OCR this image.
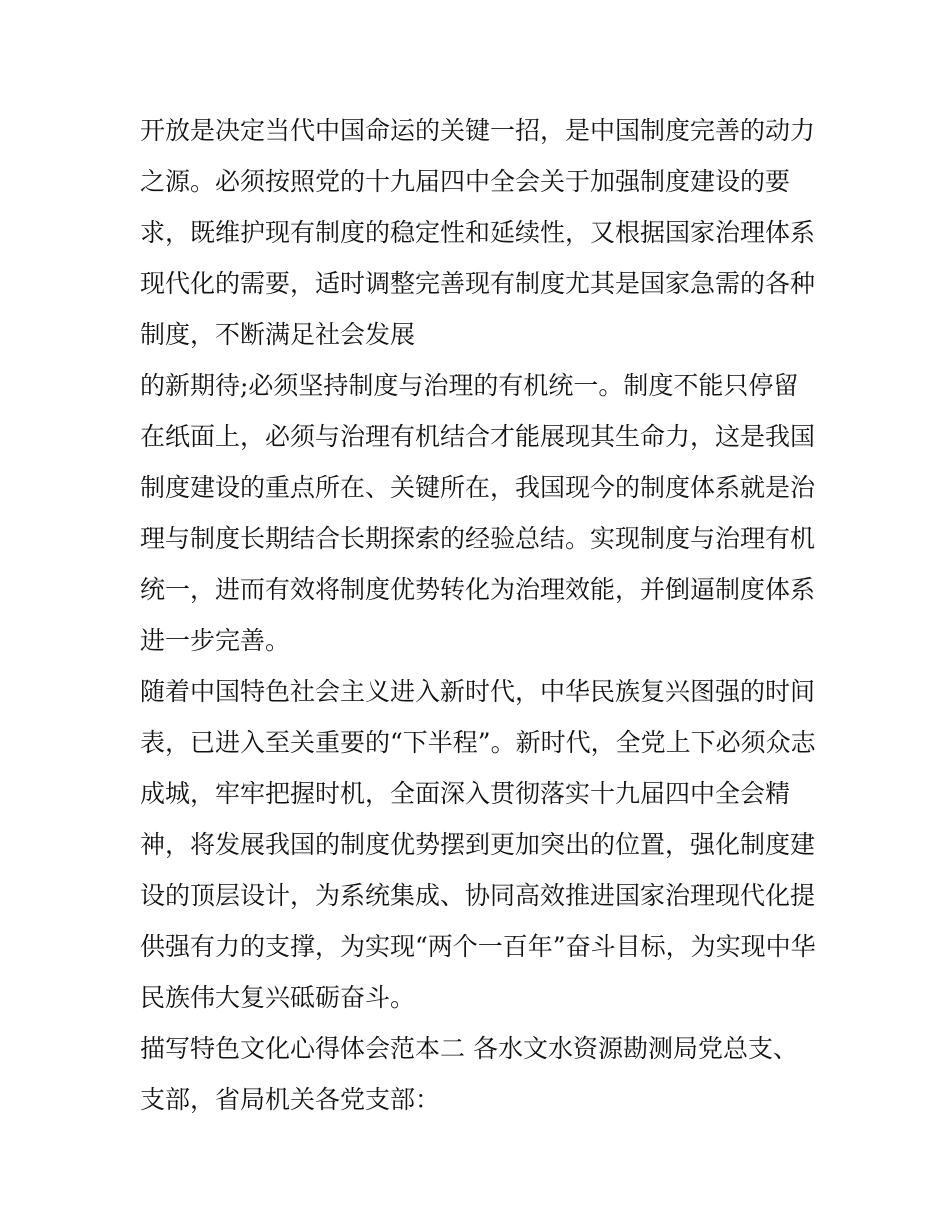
开放是决定当代中国命运的关键一招，是中国制度完善的动力
之源。必须按照党的十九届四中全会关于加强制度建设的要
求，既维护现有制度的稳定性和延续性，又根据国家治理体系
现代化的需要，适时调整完善现有制度尤其是国家急需的各种
制度，不断满足社会发展
的新期待;必须坚持制度与治理的有机统一。制度不能只停留
在纸面上，必须与治理有机结合才能展现其生命力，这是我国
制度建设的重点所在、关键所在，我国现今的制度体系就是治
理与制度长期结合长期探索的经验总结。实现制度与治理有机
统一，进而有效将制度优势转化为治理效能，并倒逼制度体系
进一步完善。
随着中国特色社会主义进入新时代，中华民族复兴图强的时间
表，已进入至关重要的“下半程”。新时代，全党上下必须众志
成城，牢牢把握时机，全面深入贯彻落实十九届四中全会精
神，将发展我国的制度优势摆到更加突出的位置，强化制度建
设的顶层设计，为系统集成、协同高效推进国家治理现代化提
供强有力的支撑，为实现“两个一百年”奋斗目标，为实现中华
民族伟大复兴砥砺奋斗。
描写特色文化心得体会范本二 各水文水资源勘测局党总支、
支部，省局机关各党支部：
